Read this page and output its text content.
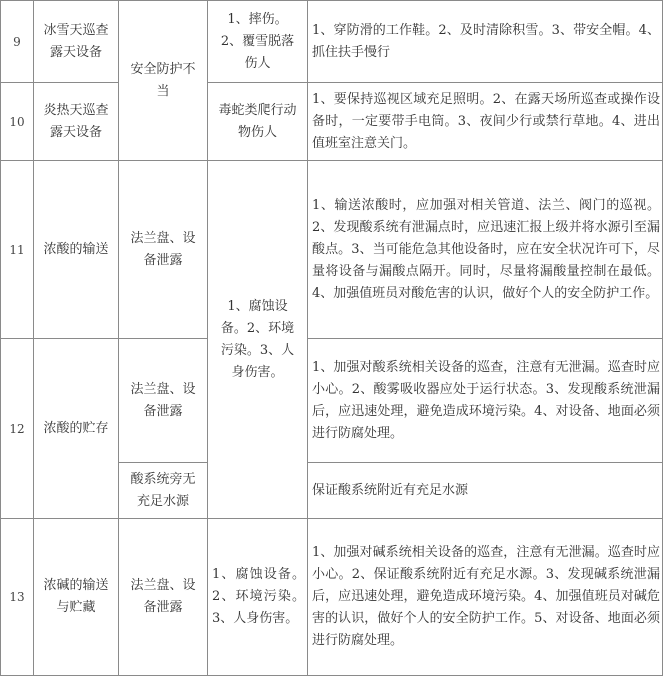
9
冰雪天巡查露天设备
1、摔伤。2、覆雪脱落伤人
1、穿防滑的工作鞋。2、及时清除积雪。3、带安全帽。4、抓住扶手慢行
安全防护不当
10
炎热天巡查露天设备
毒蛇类爬行动物伤人
1、要保持巡视区域充足照明。2、在露天场所巡查或操作设备时，一定要带手电筒。3、夜间少行或禁行草地。4、进出值班室注意关门。
11	浓酸的输送
法兰盘、设备泄露
1、输送浓酸时，应加强对相关管道、法兰、阀门的巡视。2、发现酸系统有泄漏点时，应迅速汇报上级并将水源引至漏酸点。3、当可能危急其他设备时，应在安全状况许可下，尽量将设备与漏酸点隔开。同时，尽量将漏酸量控制在最低。4、加强值班员对酸危害的认识，做好个人的安全防护工作。
1、腐蚀设备。2、环境污染。3、人身伤害。
12	浓酸的贮存
法兰盘、设备泄露
1、加强对酸系统相关设备的巡查，注意有无泄漏。巡查时应小心。2、酸雾吸收器应处于运行状态。3、发现酸系统泄漏后，应迅速处理，避免造成环境污染。4、对设备、地面必须进行防腐处理。
酸系统旁无充足水源
保证酸系统附近有充足水源
13
浓碱的输送与贮藏
法兰盘、设备泄露
1、腐蚀设备。2、环境污染。3、人身伤害。
1、加强对碱系统相关设备的巡查，注意有无泄漏。巡查时应小心。2、保证酸系统附近有充足水源。3、发现碱系统泄漏后，应迅速处理，避免造成环境污染。4、加强值班员对碱危害的认识，做好个人的安全防护工作。5、对设备、地面必须进行防腐处理。
